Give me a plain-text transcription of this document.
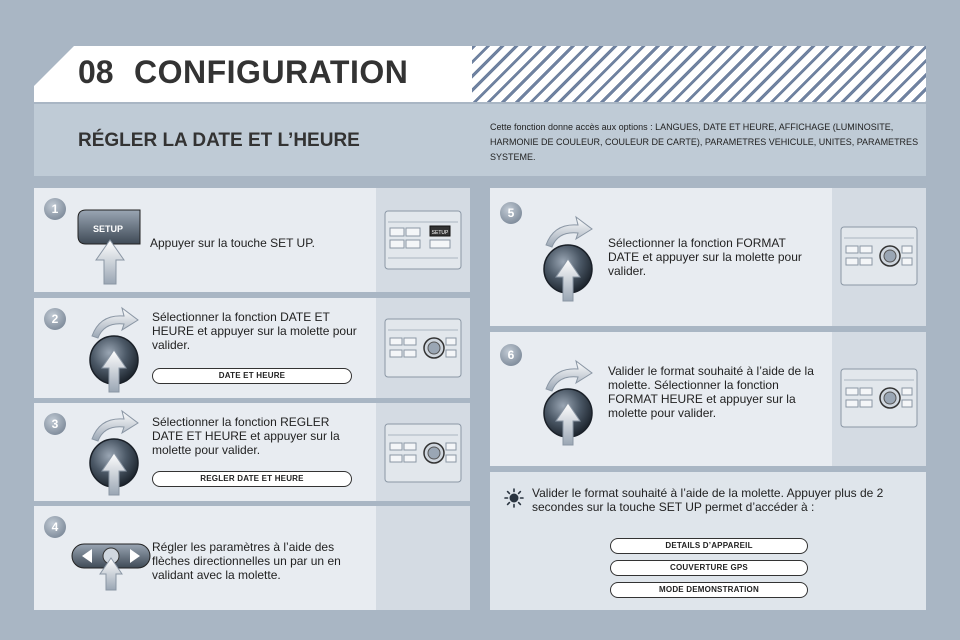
08 CONFIGURATION
RÉGLER LA DATE ET L’HEURE
Cette fonction donne accès aux options : LANGUES, DATE ET HEURE, AFFICHAGE (LUMINOSITE, HARMONIE DE COULEUR, COULEUR DE CARTE), PARAMETRES VEHICULE, UNITES, PARAMETRES SYSTEME.
1
SETUP
Appuyer sur la touche SET UP.
SETUP
2	Sélectionner la fonction DATE ET HEURE et appuyer sur la molette pour valider.
DATE ET HEURE
3	Sélectionner la fonction REGLER DATE ET HEURE et appuyer sur la molette pour valider.
REGLER DATE ET HEURE
4
Régler les paramètres à l’aide des flèches directionnelles un par un en validant avec la molette.
5
Sélectionner la fonction FORMAT DATE et appuyer sur la molette pour valider.
6
Valider le format souhaité à l’aide de la molette. Sélectionner la fonction FORMAT HEURE et appuyer sur la molette pour valider.
Valider le format souhaité à l’aide de la molette. Appuyer plus de 2 secondes sur la touche SET UP permet d’accéder à :
DETAILS D’APPAREIL
COUVERTURE GPS
MODE DEMONSTRATION
